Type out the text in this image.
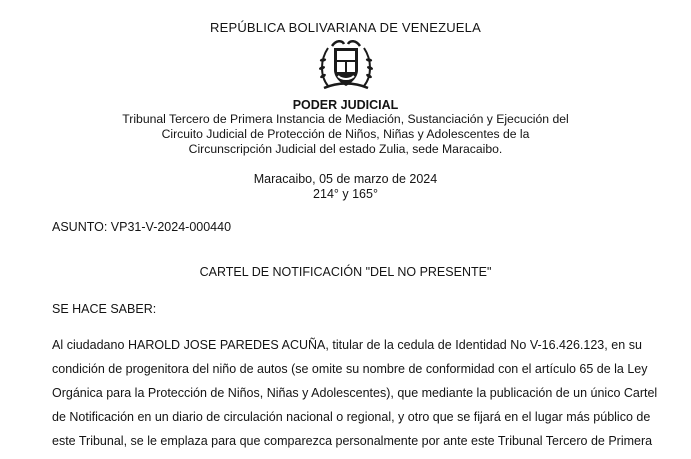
REPÚBLICA BOLIVARIANA DE VENEZUELA
PODER JUDICIAL
Tribunal Tercero de Primera Instancia de Mediación, Sustanciación y Ejecución del
Circuito Judicial de Protección de Niños, Niñas y Adolescentes de la
Circunscripción Judicial del estado Zulia, sede Maracaibo.
Maracaibo, 05 de marzo de 2024
214° y 165°
ASUNTO: VP31-V-2024-000440
CARTEL DE NOTIFICACIÓN "DEL NO PRESENTE"
SE HACE SABER:
Al ciudadano HAROLD JOSE PAREDES ACUÑA, titular de la cedula de Identidad No V-16.426.123, en su
condición de progenitora del niño de autos (se omite su nombre de conformidad con el artículo 65 de la Ley
Orgánica para la Protección de Niños, Niñas y Adolescentes), que mediante la publicación de un único Cartel
de Notificación en un diario de circulación nacional o regional, y otro que se fijará en el lugar más público de
este Tribunal, se le emplaza para que comparezca personalmente por ante este Tribunal Tercero de Primera
